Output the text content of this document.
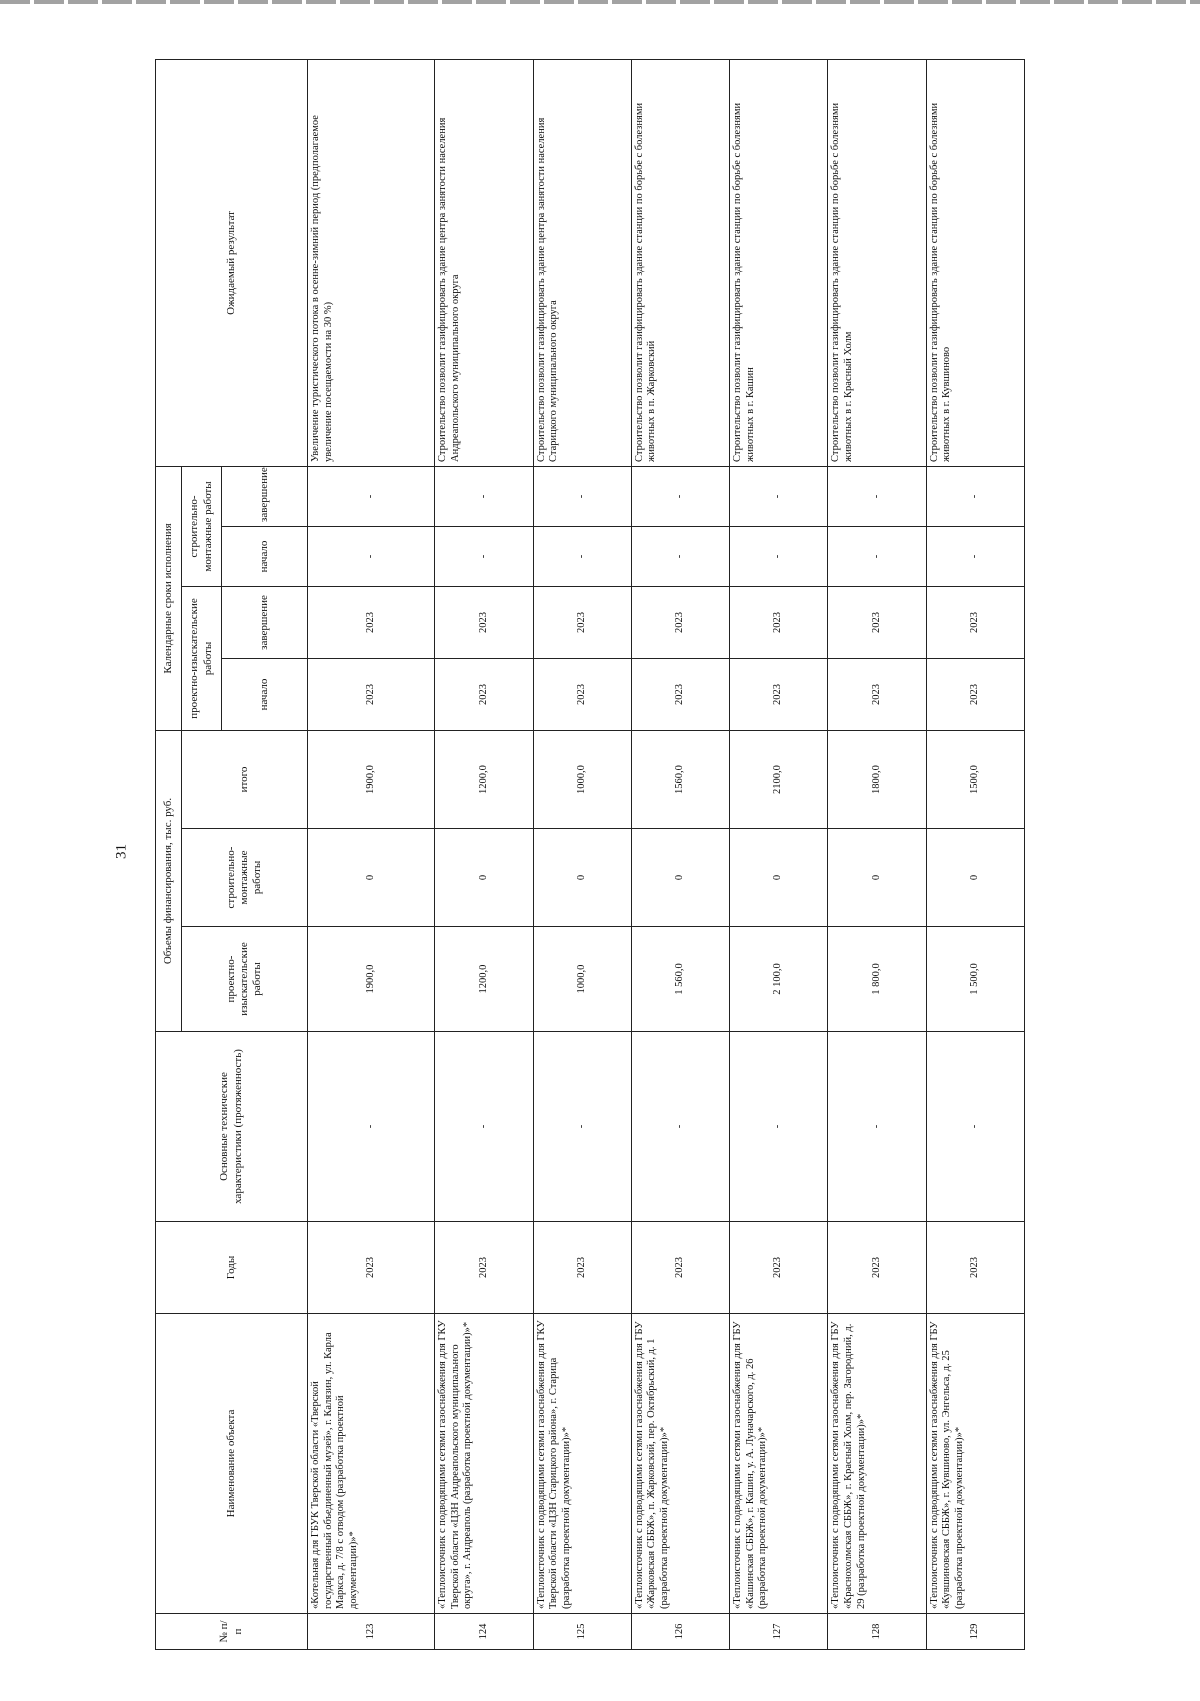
31
№ п/п	Наименование объекта	Годы	Основные технические характеристики (протяженность)	Объемы финансирования, тыс. руб.			Календарные сроки исполнения				Ожидаемый результат
				проектно-изыскательские работы	строительно-монтажные работы	итого	проектно-изыскательские работы		строительно-монтажные работы		
							начало	завершение	начало	завершение	
123	«Котельная для ГБУК Тверской области «Тверской государственный объединенный музей», г. Калязин, ул. Карла Маркса, д. 7/8 с отводом (разработка проектной документации)»*	2023	-	1900,0	0	1900,0	2023	2023	-	-	Увеличение туристического потока в осенне-зимний период (предполагаемое увеличение посещаемости на 30 %)
124	«Теплоисточник с подводящими сетями газоснабжения для ГКУ Тверской области «ЦЗН Андреапольского муниципального округа», г. Андреаполь (разработка проектной документации)»*	2023	-	1200,0	0	1200,0	2023	2023	-	-	Строительство позволит газифицировать здание центра занятости населения Андреапольского муниципального округа
125	«Теплоисточник с подводящими сетями газоснабжения для ГКУ Тверской области «ЦЗН Старицкого района», г. Старица (разработка проектной документации)»*	2023	-	1000,0	0	1000,0	2023	2023	-	-	Строительство позволит газифицировать здание центра занятости населения Старицкого муниципального округа
126	«Теплоисточник с подводящими сетями газоснабжения для ГБУ «Жарковская СББЖ», п. Жарковский, пер. Октябрьский, д. 1 (разработка проектной документации)»*	2023	-	1 560,0	0	1560,0	2023	2023	-	-	Строительство позволит газифицировать здание станции по борьбе с болезнями животных в п. Жарковский
127	«Теплоисточник с подводящими сетями газоснабжения для ГБУ «Кашинская СББЖ», г. Кашин, у. А. Луначарского, д. 26 (разработка проектной документации)»*	2023	-	2 100,0	0	2100,0	2023	2023	-	-	Строительство позволит газифицировать здание станции по борьбе с болезнями животных в г. Кашин
128	«Теплоисточник с подводящими сетями газоснабжения для ГБУ «Краснохолмская СББЖ», г. Красный Холм, пер. Загородний, д. 29 (разработка проектной документации)»*	2023	-	1 800,0	0	1800,0	2023	2023	-	-	Строительство позволит газифицировать здание станции по борьбе с болезнями животных в г. Красный Холм
129	«Теплоисточник с подводящими сетями газоснабжения для ГБУ «Кувшиновская СББЖ», г. Кувшиново, ул. Энгельса, д. 25 (разработка проектной документации)»*	2023	-	1 500,0	0	1500,0	2023	2023	-	-	Строительство позволит газифицировать здание станции по борьбе с болезнями животных в г. Кувшиново
